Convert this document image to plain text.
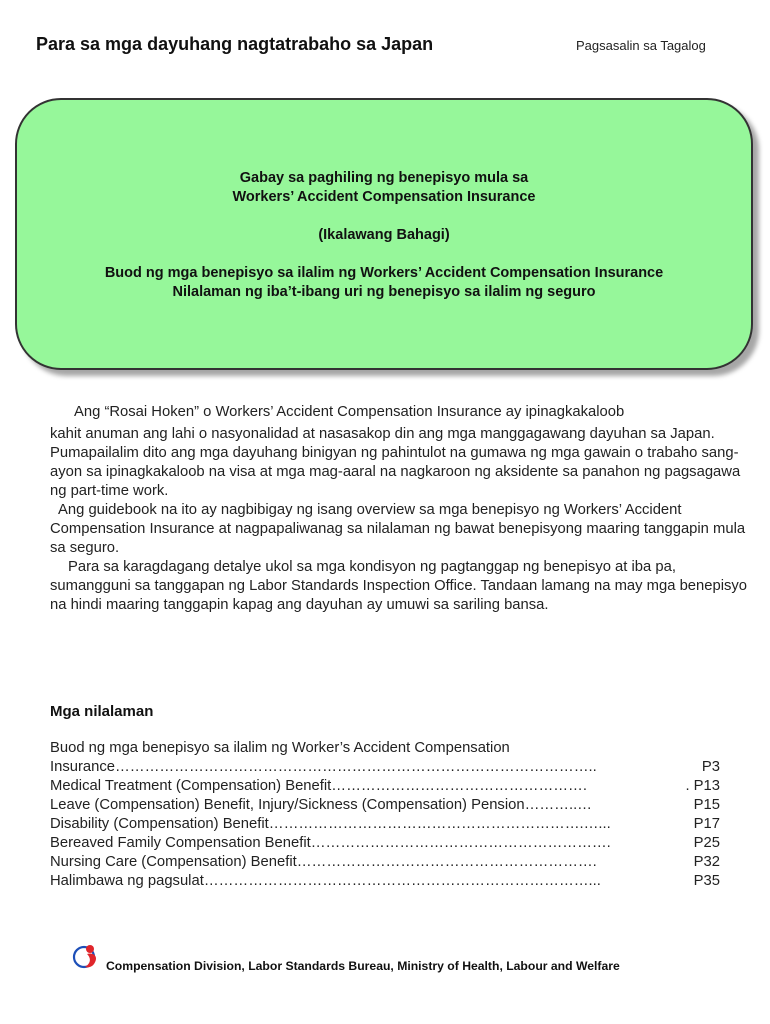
Para sa mga dayuhang nagtatrabaho sa Japan	Pagsasalin sa Tagalog
Gabay sa paghiling ng benepisyo mula sa
Workers’ Accident Compensation Insurance
(Ikalawang Bahagi)
Buod ng mga benepisyo sa ilalim ng Workers’ Accident Compensation Insurance
Nilalaman ng iba’t-ibang uri ng benepisyo sa ilalim ng seguro

Ang “Rosai Hoken” o Workers’ Accident Compensation Insurance ay ipinagkakaloob

kahit anuman ang lahi o nasyonalidad at nasasakop din ang mga manggagawang dayuhan sa Japan. Pumapailalim dito ang mga dayuhang binigyan ng pahintulot na gumawa ng mga gawain o trabaho sang-ayon sa ipinagkakaloob na visa at mga mag-aaral na nagkaroon ng aksidente sa panahon ng pagsagawa ng part-time work.

Ang guidebook na ito ay nagbibigay ng isang overview sa mga benepisyo ng Workers’ Accident Compensation Insurance at nagpapaliwanag sa nilalaman ng bawat benepisyong maaring tanggapin mula sa seguro.

Para sa karagdagang detalye ukol sa mga kondisyon ng pagtanggap ng benepisyo at iba pa, sumangguni sa tanggapan ng Labor Standards Inspection Office. Tandaan lamang na may mga benepisyo na hindi maaring tanggapin kapag ang dayuhan ay umuwi sa sariling bansa.

Mga nilalaman
Buod ng mga benepisyo sa ilalim ng Worker’s Accident Compensation
Insurance ……………………………………………………………………………………..	P3
Medical Treatment (Compensation) Benefit …………………………………………….	. P13
Leave (Compensation) Benefit, Injury/Sickness (Compensation) Pension ………..…	P15
Disability (Compensation) Benefit ……………………………………………………….…...	P17
Bereaved Family Compensation Benefit …………………………………………………….	P25
Nursing Care (Compensation) Benefit …………………………………………………….	P32
Halimbawa ng pagsulat ……………………………………………………………………...	P35
Compensation Division, Labor Standards Bureau, Ministry of Health, Labour and Welfare
